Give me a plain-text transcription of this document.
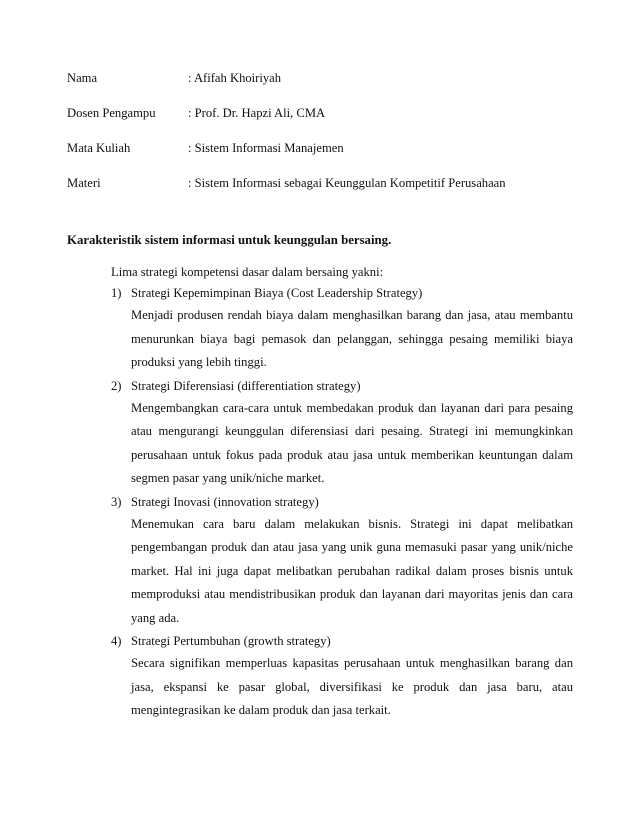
Nama	: Afifah Khoiriyah
Dosen Pengampu	: Prof. Dr. Hapzi Ali, CMA
Mata Kuliah	: Sistem Informasi Manajemen
Materi	: Sistem Informasi sebagai Keunggulan Kompetitif Perusahaan
Karakteristik sistem informasi untuk keunggulan bersaing.
Lima strategi kompetensi dasar dalam bersaing yakni:
1) Strategi Kepemimpinan Biaya (Cost Leadership Strategy)
Menjadi produsen rendah biaya dalam menghasilkan barang dan jasa, atau membantu menurunkan biaya bagi pemasok dan pelanggan, sehingga pesaing memiliki biaya produksi yang lebih tinggi.
2) Strategi Diferensiasi (differentiation strategy)
Mengembangkan cara-cara untuk membedakan produk dan layanan dari para pesaing atau mengurangi keunggulan diferensiasi dari pesaing. Strategi ini memungkinkan perusahaan untuk fokus pada produk atau jasa untuk memberikan keuntungan dalam segmen pasar yang unik/niche market.
3) Strategi Inovasi (innovation strategy)
Menemukan cara baru dalam melakukan bisnis. Strategi ini dapat melibatkan pengembangan produk dan atau jasa yang unik guna memasuki pasar yang unik/niche market. Hal ini juga dapat melibatkan perubahan radikal dalam proses bisnis untuk memproduksi atau mendistribusikan produk dan layanan dari mayoritas jenis dan cara yang ada.
4) Strategi Pertumbuhan (growth strategy)
Secara signifikan memperluas kapasitas perusahaan untuk menghasilkan barang dan jasa, ekspansi ke pasar global, diversifikasi ke produk dan jasa baru, atau mengintegrasikan ke dalam produk dan jasa terkait.
